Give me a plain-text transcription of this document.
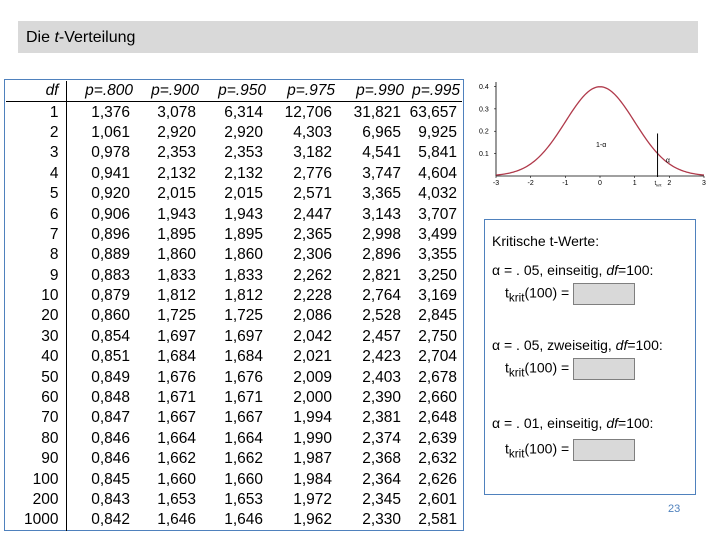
Die t-Verteilung
df	p=.800	p=.900	p=.950	p=.975	p=.990	p=.995
1	1,376	3,078	6,314	12,706	31,821	63,657
2	1,061	2,920	2,920	4,303	6,965	9,925
3	0,978	2,353	2,353	3,182	4,541	5,841
4	0,941	2,132	2,132	2,776	3,747	4,604
5	0,920	2,015	2,015	2,571	3,365	4,032
6	0,906	1,943	1,943	2,447	3,143	3,707
7	0,896	1,895	1,895	2,365	2,998	3,499
8	0,889	1,860	1,860	2,306	2,896	3,355
9	0,883	1,833	1,833	2,262	2,821	3,250
10	0,879	1,812	1,812	2,228	2,764	3,169
20	0,860	1,725	1,725	2,086	2,528	2,845
30	0,854	1,697	1,697	2,042	2,457	2,750
40	0,851	1,684	1,684	2,021	2,423	2,704
50	0,849	1,676	1,676	2,009	2,403	2,678
60	0,848	1,671	1,671	2,000	2,390	2,660
70	0,847	1,667	1,667	1,994	2,381	2,648
80	0,846	1,664	1,664	1,990	2,374	2,639
90	0,846	1,662	1,662	1,987	2,368	2,632
100	0,845	1,660	1,660	1,984	2,364	2,626
200	0,843	1,653	1,653	1,972	2,345	2,601
1000	0,842	1,646	1,646	1,962	2,330	2,581
0.4
0.3
0.2
0.1
-3	-2	-1	0	1	2	3
1-α
α
$t_{krit}$
Kritische t-Werte:
α = . 05, einseitig, df=100:
$t_{krit}(100)$ =
α = . 05, zweiseitig, df=100:
$t_{krit}(100)$ =
α = . 01, einseitig, df=100:
$t_{krit}(100)$ =
23
